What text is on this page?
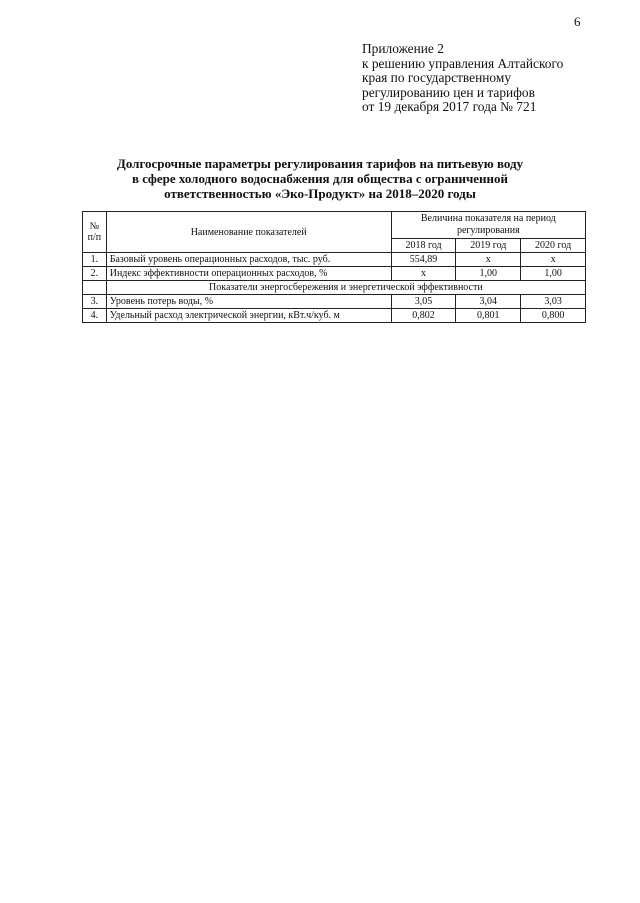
6
Приложение 2
к решению управления Алтайского
края по государственному
регулированию цен и тарифов
от 19 декабря 2017 года № 721
Долгосрочные параметры регулирования тарифов на питьевую воду
в сфере холодного водоснабжения для общества с ограниченной
ответственностью «Эко-Продукт» на 2018–2020 годы
№ п/п	Наименование показателей	Величина показателя на период регулирования		
		2018 год	2019 год	2020 год
1.	Базовый уровень операционных расходов, тыс. руб.	554,89	х	х
2.	Индекс эффективности операционных расходов, %	х	1,00	1,00
	Показатели энергосбережения и энергетической эффективности			
3.	Уровень потерь воды, %	3,05	3,04	3,03
4.	Удельный расход электрической энергии, кВт.ч/куб. м	0,802	0,801	0,800
